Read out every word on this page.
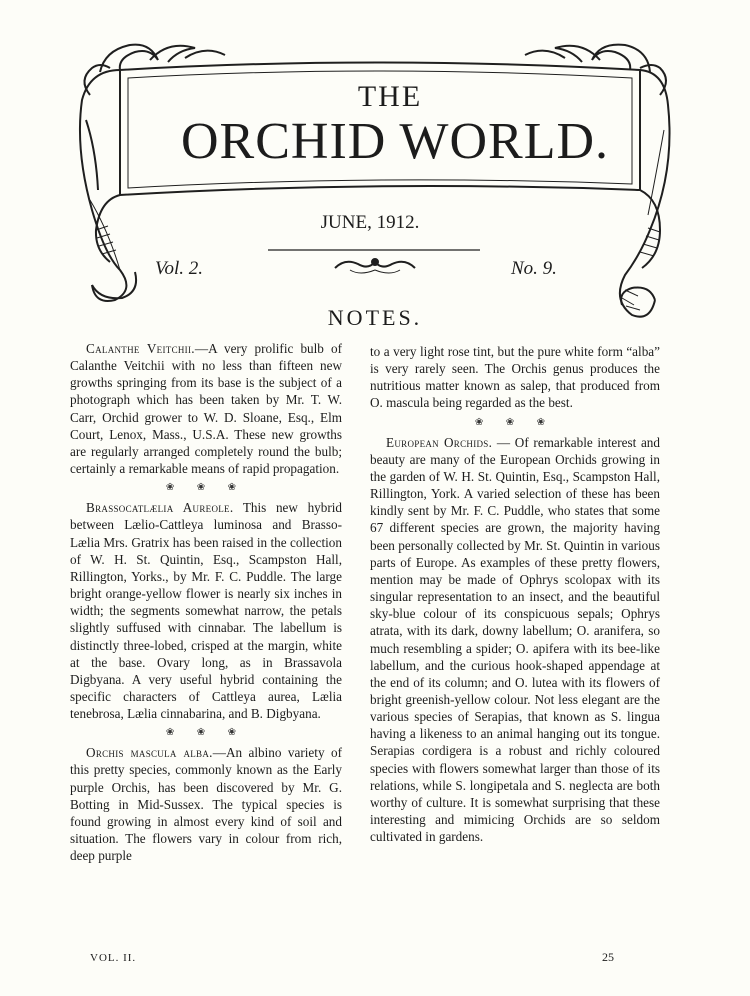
THE
ORCHID WORLD.
JUNE, 1912.
Vol. 2.	No. 9.
NOTES.

Calanthe Veitchii.—A very prolific bulb of Calanthe Veitchii with no less than fifteen new growths springing from its base is the subject of a photograph which has been taken by Mr. T. W. Carr, Orchid grower to W. D. Sloane, Esq., Elm Court, Lenox, Mass., U.S.A. These new growths are regularly arranged completely round the bulb; certainly a remarkable means of rapid propagation.

❀ ❀ ❀

Brassocatlælia Aureole. This new hybrid between Lælio-Cattleya luminosa and Brasso-Lælia Mrs. Gratrix has been raised in the collection of W. H. St. Quintin, Esq., Scampston Hall, Rillington, Yorks., by Mr. F. C. Puddle. The large bright orange-yellow flower is nearly six inches in width; the segments somewhat narrow, the petals slightly suffused with cinnabar. The labellum is distinctly three-lobed, crisped at the margin, white at the base. Ovary long, as in Brassavola Digbyana. A very useful hybrid containing the specific characters of Cattleya aurea, Lælia tenebrosa, Lælia cinnabarina, and B. Digbyana.

❀ ❀ ❀

Orchis mascula alba.—An albino variety of this pretty species, commonly known as the Early purple Orchis, has been discovered by Mr. G. Botting in Mid-Sussex. The typical species is found growing in almost every kind of soil and situation. The flowers vary in colour from rich, deep purple

to a very light rose tint, but the pure white form “alba” is very rarely seen. The Orchis genus produces the nutritious matter known as salep, that produced from O. mascula being regarded as the best.

❀ ❀ ❀

European Orchids. — Of remarkable interest and beauty are many of the European Orchids growing in the garden of W. H. St. Quintin, Esq., Scampston Hall, Rillington, York. A varied selection of these has been kindly sent by Mr. F. C. Puddle, who states that some 67 different species are grown, the majority having been personally collected by Mr. St. Quintin in various parts of Europe. As examples of these pretty flowers, mention may be made of Ophrys scolopax with its singular representation to an insect, and the beautiful sky-blue colour of its conspicuous sepals; Ophrys atrata, with its dark, downy labellum; O. aranifera, so much resembling a spider; O. apifera with its bee-like labellum, and the curious hook-shaped appendage at the end of its column; and O. lutea with its flowers of bright greenish-yellow colour. Not less elegant are the various species of Serapias, that known as S. lingua having a likeness to an animal hanging out its tongue. Serapias cordigera is a robust and richly coloured species with flowers somewhat larger than those of its relations, while S. longipetala and S. neglecta are both worthy of culture. It is somewhat surprising that these interesting and mimicing Orchids are so seldom cultivated in gardens.

VOL. II.	25
